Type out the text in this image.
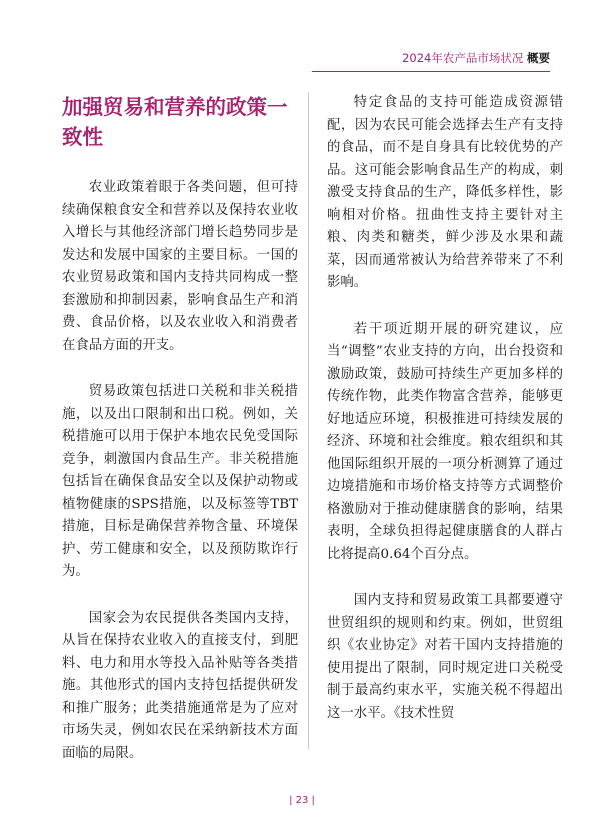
2024年农产品市场状况 概要
加强贸易和营养的政策一致性

农业政策着眼于各类问题，但可持续确保粮食安全和营养以及保持农业收入增长与其他经济部门增长趋势同步是发达和发展中国家的主要目标。一国的农业贸易政策和国内支持共同构成一整套激励和抑制因素，影响食品生产和消费、食品价格，以及农业收入和消费者在食品方面的开支。

贸易政策包括进口关税和非关税措施，以及出口限制和出口税。例如，关税措施可以用于保护本地农民免受国际竞争，刺激国内食品生产。非关税措施包括旨在确保食品安全以及保护动物或植物健康的SPS措施，以及标签等TBT措施，目标是确保营养物含量、环境保护、劳工健康和安全，以及预防欺诈行为。

国家会为农民提供各类国内支持，从旨在保持农业收入的直接支付，到肥料、电力和用水等投入品补贴等各类措施。其他形式的国内支持包括提供研发和推广服务；此类措施通常是为了应对市场失灵，例如农民在采纳新技术方面面临的局限。

特定食品的支持可能造成资源错配，因为农民可能会选择去生产有支持的食品，而不是自身具有比较优势的产品。这可能会影响食品生产的构成，刺激受支持食品的生产，降低多样性，影响相对价格。扭曲性支持主要针对主粮、肉类和糖类，鲜少涉及水果和蔬菜，因而通常被认为给营养带来了不利影响。

若干项近期开展的研究建议，应当“调整”农业支持的方向，出台投资和激励政策，鼓励可持续生产更加多样的传统作物，此类作物富含营养，能够更好地适应环境，积极推进可持续发展的经济、环境和社会维度。粮农组织和其他国际组织开展的一项分析测算了通过边境措施和市场价格支持等方式调整价格激励对于推动健康膳食的影响，结果表明，全球负担得起健康膳食的人群占比将提高0.64个百分点。

国内支持和贸易政策工具都要遵守世贸组织的规则和约束。例如，世贸组织《农业协定》对若干国内支持措施的使用提出了限制，同时规定进口关税受制于最高约束水平，实施关税不得超出这一水平。《技术性贸

| 23 |
